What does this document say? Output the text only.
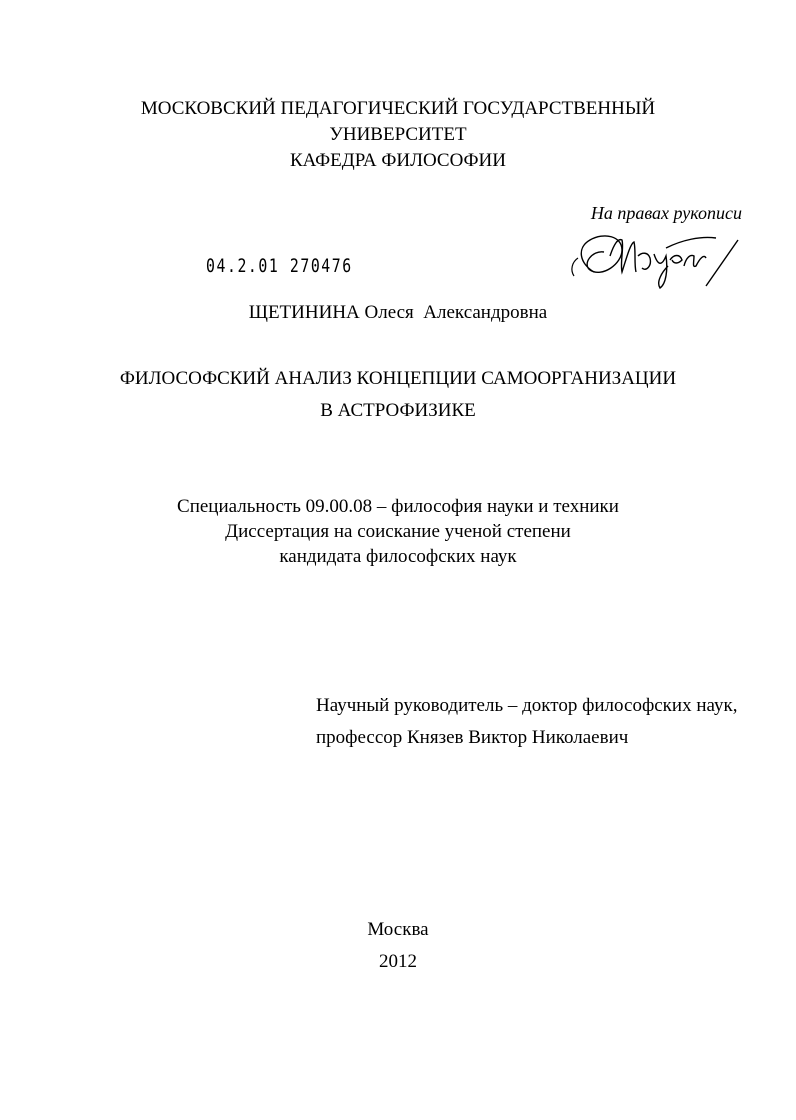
МОСКОВСКИЙ ПЕДАГОГИЧЕСКИЙ ГОСУДАРСТВЕННЫЙ
УНИВЕРСИТЕТ
КАФЕДРА ФИЛОСОФИИ
На правах рукописи
04.2.01 270476
ЩЕТИНИНА Олеся  Александровна
ФИЛОСОФСКИЙ АНАЛИЗ КОНЦЕПЦИИ САМООРГАНИЗАЦИИ
В АСТРОФИЗИКЕ
Специальность 09.00.08 – философия науки и техники
Диссертация на соискание ученой степени
кандидата философских наук
Научный руководитель – доктор философских наук,
профессор Князев Виктор Николаевич
Москва
2012
